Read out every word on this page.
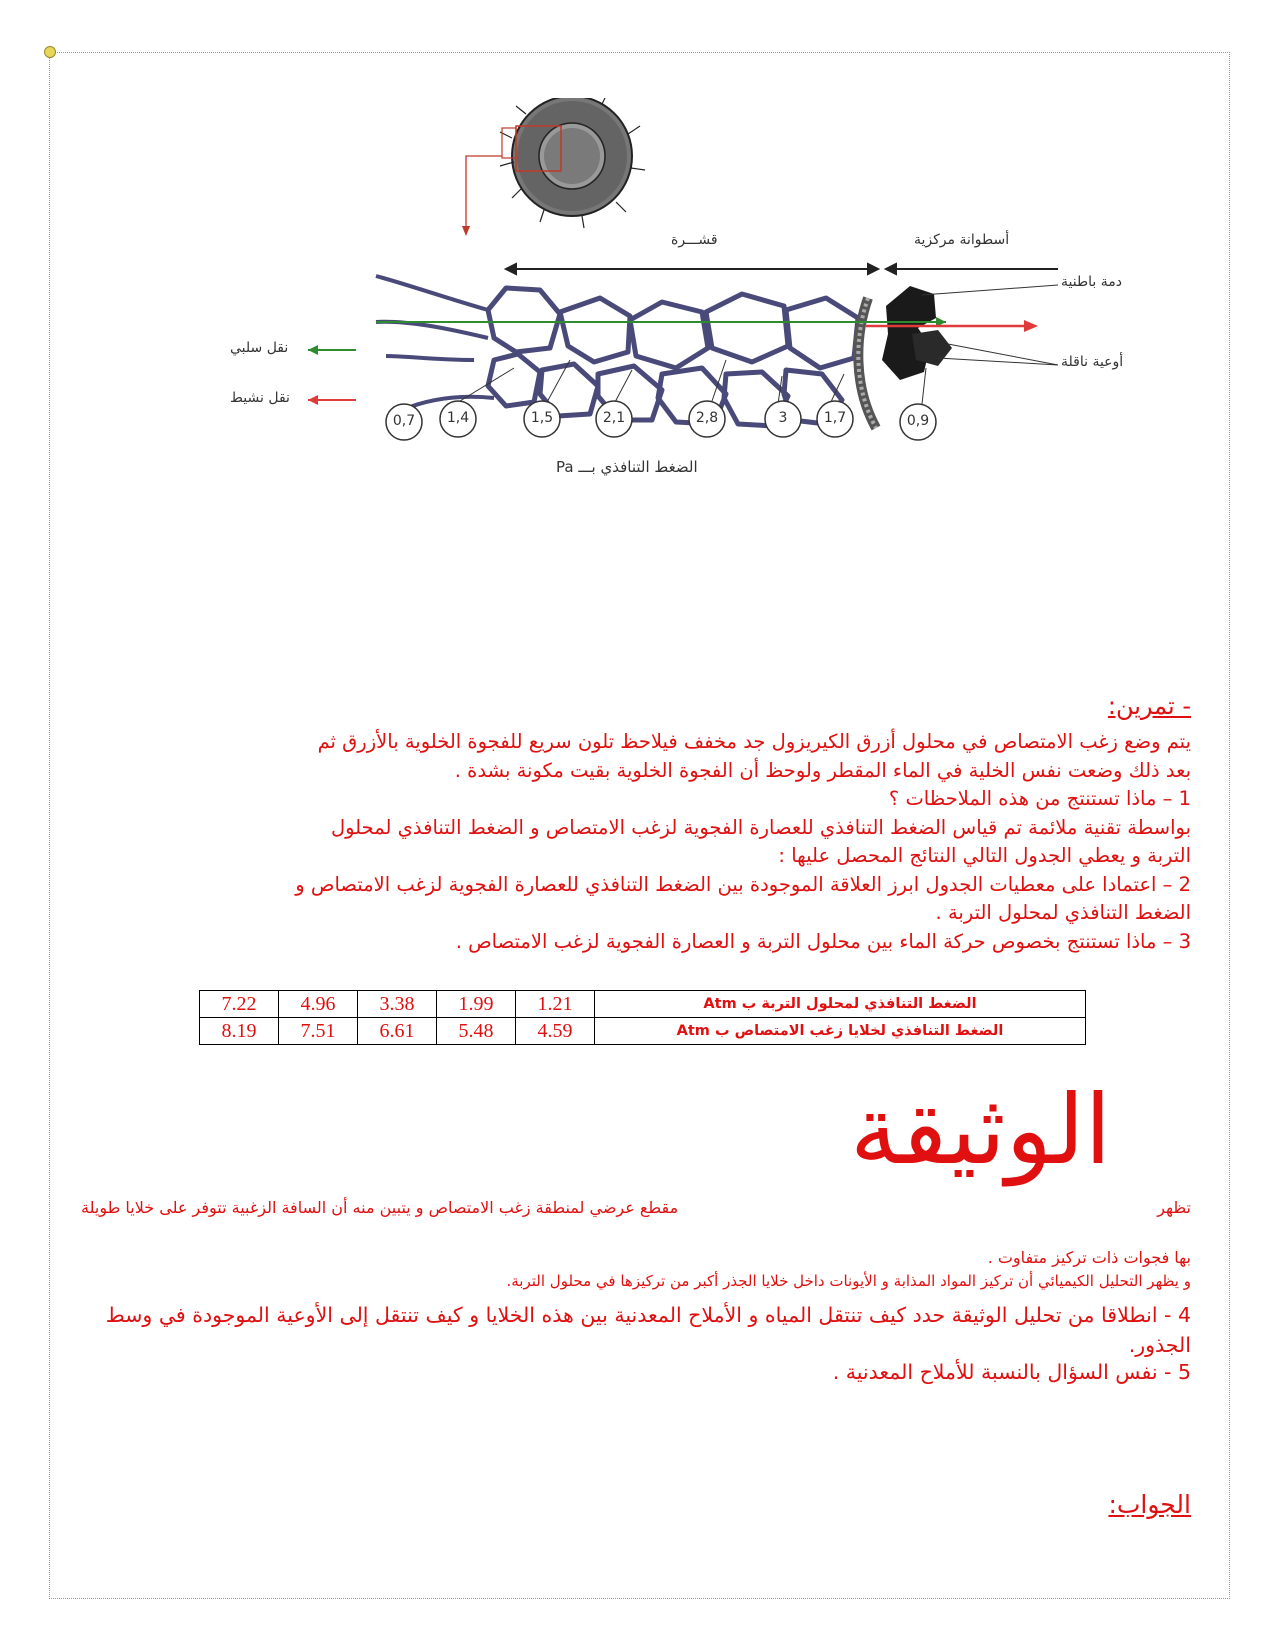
قشـــرة	أسطوانة مركزية
دمة باطنية
أوعية ناقلة
نقل سلبي
نقل نشيط
0,7 1,4	1,5	2,1	2,8	3	1,7	0,9
الضغط التنافذي بـــ Pa
- تمرين:
يتم وضع زغب الامتصاص في محلول أزرق الكيريزول جد مخفف فيلاحظ تلون سريع للفجوة الخلوية بالأزرق ثم
بعد ذلك وضعت نفس الخلية في الماء المقطر ولوحظ أن الفجوة الخلوية بقيت مكونة بشدة .
1 – ماذا تستنتج من هذه الملاحظات ؟
بواسطة تقنية ملائمة تم قياس الضغط التنافذي للعصارة الفجوية لزغب الامتصاص و الضغط التنافذي لمحلول
التربة و يعطي الجدول التالي النتائج المحصل عليها :
2 – اعتمادا على معطيات الجدول ابرز العلاقة الموجودة بين الضغط التنافذي للعصارة الفجوية لزغب الامتصاص و
الضغط التنافذي لمحلول التربة .
3 – ماذا تستنتج بخصوص حركة الماء بين محلول التربة و العصارة الفجوية لزغب الامتصاص .
7.22	4.96	3.38	1.99	1.21	الضغط التنافذي لمحلول التربة ب Atm
8.19	7.51	6.61	5.48	4.59	الضغط التنافذي لخلايا زغب الامتصاص ب Atm
الوثيقة
تظهر
مقطع عرضي لمنطقة زغب الامتصاص و يتبين منه أن السافة الزغبية تتوفر على خلايا طويلة
بها فجوات ذات تركيز متفاوت .
و يظهر التحليل الكيميائي أن تركيز المواد المذابة و الأيونات داخل خلايا الجذر أكبر من تركيزها في محلول التربة.
4 - انطلاقا من تحليل الوثيقة حدد كيف تنتقل المياه و الأملاح المعدنية بين هذه الخلايا و كيف تنتقل إلى الأوعية الموجودة في وسط الجذور.
5 - نفس السؤال بالنسبة للأملاح المعدنية .
الجواب:
